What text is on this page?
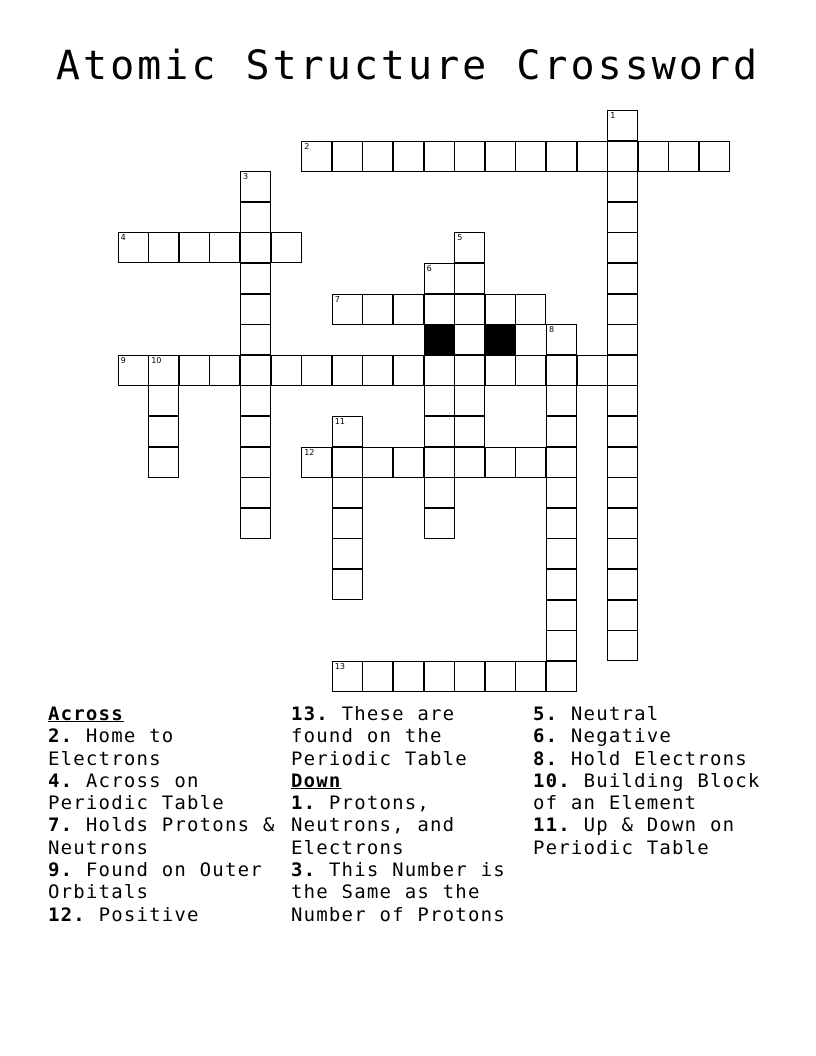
Atomic Structure Crossword
1
2
3
4	5
6
7
8
9	10
11
12
13
Across
2. Home to Electrons
4. Across on Periodic Table
7. Holds Protons & Neutrons
9. Found on Outer Orbitals
12. Positive
13. These are found on the Periodic Table
Down
1. Protons, Neutrons, and Electrons
3. This Number is the Same as the Number of Protons
5. Neutral
6. Negative
8. Hold Electrons
10. Building Block of an Element
11. Up & Down on Periodic Table
